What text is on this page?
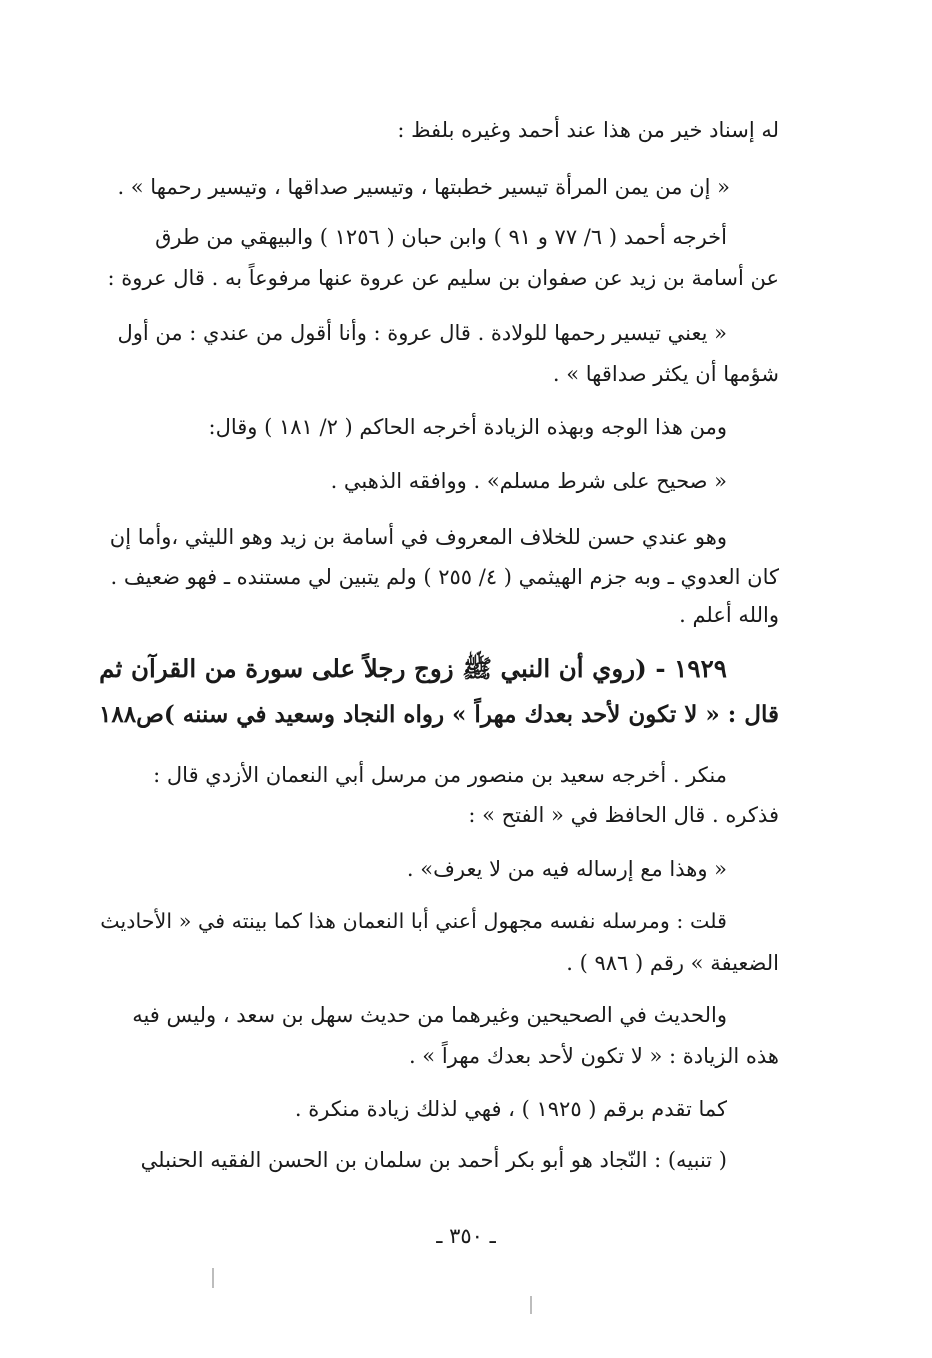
له إسناد خير من هذا عند أحمد وغيره بلفظ :
« إن من يمن المرأة تيسير خطبتها ، وتيسير صداقها ، وتيسير رحمها » .
أخرجه أحمد ( ٦/ ٧٧ و ٩١ ) وابن حبان ( ١٢٥٦ ) والبيهقي من طرق
عن أسامة بن زيد عن صفوان بن سليم عن عروة عنها مرفوعاً به . قال عروة :
« يعني تيسير رحمها للولادة . قال عروة : وأنا أقول من عندي : من أول
شؤمها أن يكثر صداقها » .
ومن هذا الوجه وبهذه الزيادة أخرجه الحاكم ( ٢/ ١٨١ ) وقال:
« صحيح على شرط مسلم» . ووافقه الذهبي .
وهو عندي حسن للخلاف المعروف في أسامة بن زيد وهو الليثي ،وأما إن
كان العدوي ـ وبه جزم الهيثمي ( ٤/ ٢٥٥ ) ولم يتبين لي مستنده ـ فهو ضعيف .
والله أعلم .
١٩٢٩ - (روي أن النبي ﷺ زوج رجلاً على سورة من القرآن ثم
قال : « لا تكون لأحد بعدك مهراً » رواه النجاد وسعيد في سننه )ص١٨٨
منكر . أخرجه سعيد بن منصور من مرسل أبي النعمان الأزدي قال :
فذكره . قال الحافظ في « الفتح » :
« وهذا مع إرساله فيه من لا يعرف» .
قلت : ومرسله نفسه مجهول أعني أبا النعمان هذا كما بينته في « الأحاديث
الضعيفة » رقم ( ٩٨٦ ) .
والحديث في الصحيحين وغيرهما من حديث سهل بن سعد ، وليس فيه
هذه الزيادة : « لا تكون لأحد بعدك مهراً » .
كما تقدم برقم ( ١٩٢٥ ) ، فهي لذلك زيادة منكرة .
( تنبيه) : النّجاد هو أبو بكر أحمد بن سلمان بن الحسن الفقيه الحنبلي
ـ ٣٥٠ ـ
